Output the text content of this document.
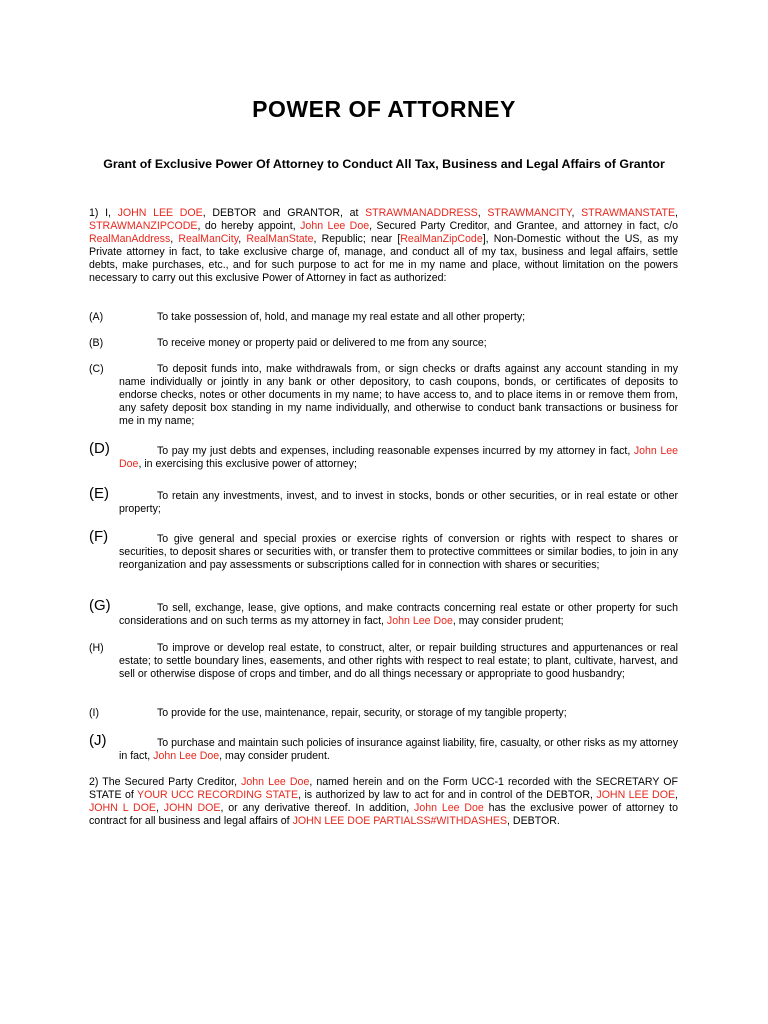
POWER OF ATTORNEY
Grant of Exclusive Power Of Attorney to Conduct All Tax, Business and Legal Affairs of Grantor
1) I, JOHN LEE DOE, DEBTOR and GRANTOR, at STRAWMANADDRESS, STRAWMANCITY, STRAWMANSTATE, STRAWMANZIPCODE, do hereby appoint, John Lee Doe, Secured Party Creditor, and Grantee, and attorney in fact, c/o RealManAddress, RealManCity, RealManState, Republic; near [RealManZipCode], Non-Domestic without the US, as my Private attorney in fact, to take exclusive charge of, manage, and conduct all of my tax, business and legal affairs, settle debts, make purchases, etc., and for such purpose to act for me in my name and place, without limitation on the powers necessary to carry out this exclusive Power of Attorney in fact as authorized:
(A)	To take possession of, hold, and manage my real estate and all other property;
(B)	To receive money or property paid or delivered to me from any source;
(C)	To deposit funds into, make withdrawals from, or sign checks or drafts against any account standing in my name individually or jointly in any bank or other depository, to cash coupons, bonds, or certificates of deposits to endorse checks, notes or other documents in my name; to have access to, and to place items in or remove them from, any safety deposit box standing in my name individually, and otherwise to conduct bank transactions or business for me in my name;
(D)	To pay my just debts and expenses, including reasonable expenses incurred by my attorney in fact, John Lee Doe, in exercising this exclusive power of attorney;
(E)	To retain any investments, invest, and to invest in stocks, bonds or other securities, or in real estate or other property;
(F)	To give general and special proxies or exercise rights of conversion or rights with respect to shares or securities, to deposit shares or securities with, or transfer them to protective committees or similar bodies, to join in any reorganization and pay assessments or subscriptions called for in connection with shares or securities;
(G)	To sell, exchange, lease, give options, and make contracts concerning real estate or other property for such considerations and on such terms as my attorney in fact, John Lee Doe, may consider prudent;
(H)	To improve or develop real estate, to construct, alter, or repair building structures and appurtenances or real estate; to settle boundary lines, easements, and other rights with respect to real estate; to plant, cultivate, harvest, and sell or otherwise dispose of crops and timber, and do all things necessary or appropriate to good husbandry;
(I)	To provide for the use, maintenance, repair, security, or storage of my tangible property;
(J)	To purchase and maintain such policies of insurance against liability, fire, casualty, or other risks as my attorney in fact, John Lee Doe, may consider prudent.
2) The Secured Party Creditor, John Lee Doe, named herein and on the Form UCC-1 recorded with the SECRETARY OF STATE of YOUR UCC RECORDING STATE, is authorized by law to act for and in control of the DEBTOR, JOHN LEE DOE, JOHN L DOE, JOHN DOE, or any derivative thereof. In addition, John Lee Doe has the exclusive power of attorney to contract for all business and legal affairs of JOHN LEE DOE PARTIALSS#WITHDASHES, DEBTOR.
